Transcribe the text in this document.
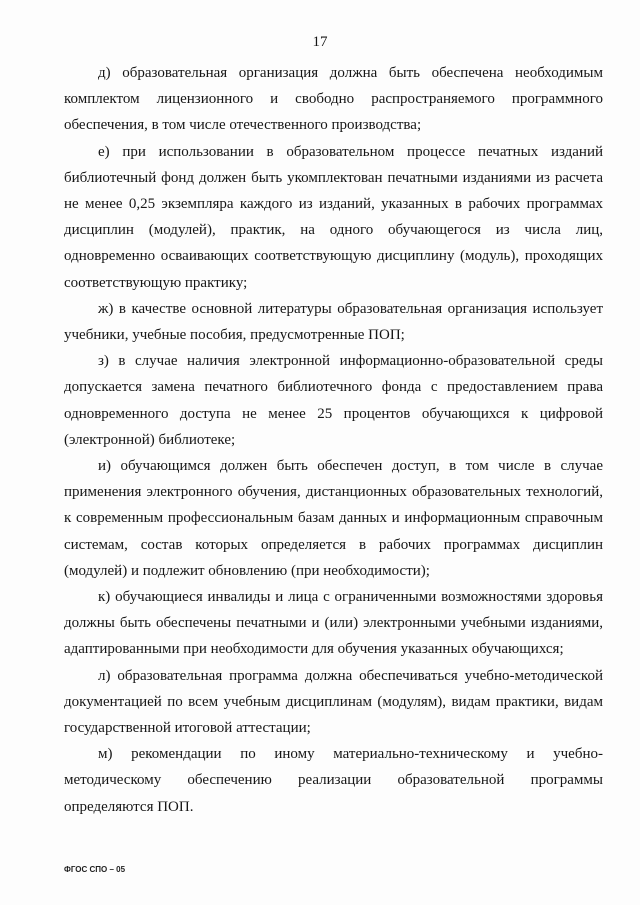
17

д) образовательная организация должна быть обеспечена необходимым комплектом лицензионного и свободно распространяемого программного обеспечения, в том числе отечественного производства;

е) при использовании в образовательном процессе печатных изданий библиотечный фонд должен быть укомплектован печатными изданиями из расчета не менее 0,25 экземпляра каждого из изданий, указанных в рабочих программах дисциплин (модулей), практик, на одного обучающегося из числа лиц, одновременно осваивающих соответствующую дисциплину (модуль), проходящих соответствующую практику;

ж) в качестве основной литературы образовательная организация использует учебники, учебные пособия, предусмотренные ПОП;

з) в случае наличия электронной информационно-образовательной среды допускается замена печатного библиотечного фонда с предоставлением права одновременного доступа не менее 25 процентов обучающихся к цифровой (электронной) библиотеке;

и) обучающимся должен быть обеспечен доступ, в том числе в случае применения электронного обучения, дистанционных образовательных технологий, к современным профессиональным базам данных и информационным справочным системам, состав которых определяется в рабочих программах дисциплин (модулей) и подлежит обновлению (при необходимости);

к) обучающиеся инвалиды и лица с ограниченными возможностями здоровья должны быть обеспечены печатными и (или) электронными учебными изданиями, адаптированными при необходимости для обучения указанных обучающихся;

л) образовательная программа должна обеспечиваться учебно-методической документацией по всем учебным дисциплинам (модулям), видам практики, видам государственной итоговой аттестации;

м) рекомендации по иному материально-техническому и учебно-методическому обеспечению реализации образовательной программы определяются ПОП.

ФГОС СПО – 05
